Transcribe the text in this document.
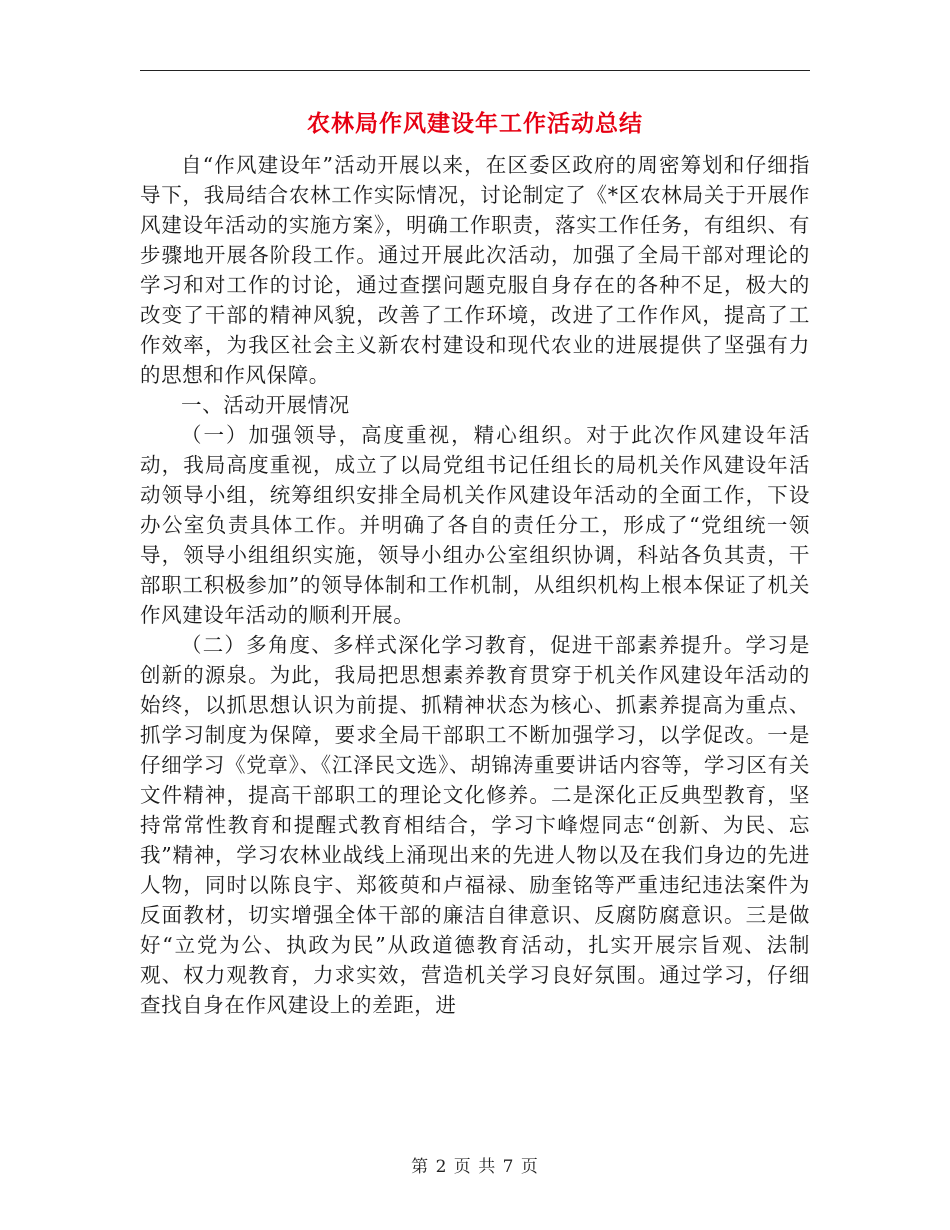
农林局作风建设年工作活动总结

自“作风建设年”活动开展以来，在区委区政府的周密筹划和仔细指导下，我局结合农林工作实际情况，讨论制定了《*区农林局关于开展作风建设年活动的实施方案》，明确工作职责，落实工作任务，有组织、有步骤地开展各阶段工作。通过开展此次活动，加强了全局干部对理论的学习和对工作的讨论，通过查摆问题克服自身存在的各种不足，极大的改变了干部的精神风貌，改善了工作环境，改进了工作作风，提高了工作效率，为我区社会主义新农村建设和现代农业的进展提供了坚强有力的思想和作风保障。

一、活动开展情况

（一）加强领导，高度重视，精心组织。对于此次作风建设年活动，我局高度重视，成立了以局党组书记任组长的局机关作风建设年活动领导小组，统筹组织安排全局机关作风建设年活动的全面工作，下设办公室负责具体工作。并明确了各自的责任分工，形成了“党组统一领导，领导小组组织实施，领导小组办公室组织协调，科站各负其责，干部职工积极参加”的领导体制和工作机制，从组织机构上根本保证了机关作风建设年活动的顺利开展。

（二）多角度、多样式深化学习教育，促进干部素养提升。学习是创新的源泉。为此，我局把思想素养教育贯穿于机关作风建设年活动的始终，以抓思想认识为前提、抓精神状态为核心、抓素养提高为重点、抓学习制度为保障，要求全局干部职工不断加强学习，以学促改。一是仔细学习《党章》、《江泽民文选》、胡锦涛重要讲话内容等，学习区有关文件精神，提高干部职工的理论文化修养。二是深化正反典型教育，坚持常常性教育和提醒式教育相结合，学习卞峰煜同志“创新、为民、忘我”精神，学习农林业战线上涌现出来的先进人物以及在我们身边的先进人物，同时以陈良宇、郑筱萸和卢福禄、励奎铭等严重违纪违法案件为反面教材，切实增强全体干部的廉洁自律意识、反腐防腐意识。三是做好“立党为公、执政为民”从政道德教育活动，扎实开展宗旨观、法制观、权力观教育，力求实效，营造机关学习良好氛围。通过学习，仔细查找自身在作风建设上的差距，进

第 2 页 共 7 页
